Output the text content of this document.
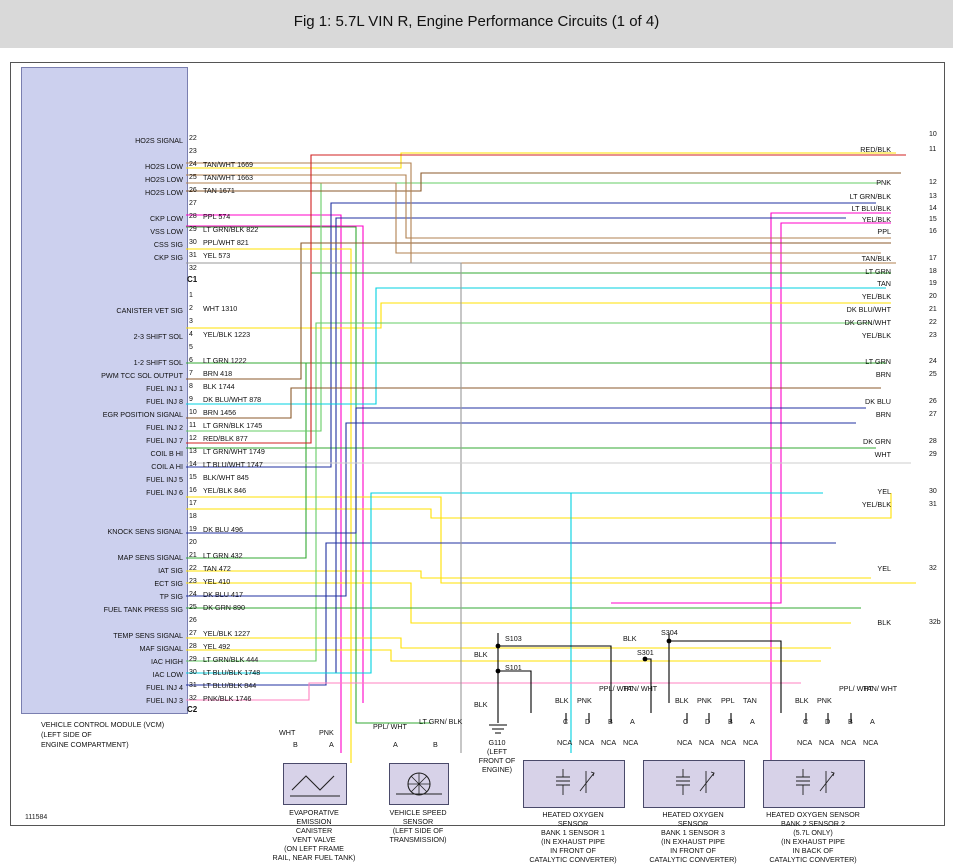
Fig 1: 5.7L VIN R, Engine Performance Circuits (1 of 4)
HO2S SIGNAL 22
23
HO2S LOW 24 TAN/WHT 1669
HO2S LOW 25 TAN/WHT 1663
HO2S LOW 26 TAN 1671
27
CKP LOW 28 PPL 574
VSS LOW 29 LT GRN/BLK 822
CSS SIG 30 PPL/WHT 821
CKP SIG 31 YEL 573
32
C1
1
CANISTER VET SIG 2 WHT 1310
3
2-3 SHIFT SOL 4 YEL/BLK 1223
5
1-2 SHIFT SOL 6 LT GRN 1222
PWM TCC SOL OUTPUT 7 BRN 418
FUEL INJ 1 8 BLK 1744
FUEL INJ 8 9 DK BLU/WHT 878
EGR POSITION SIGNAL 10 BRN 1456
FUEL INJ 2 11 LT GRN/BLK 1745
FUEL INJ 7 12 RED/BLK 877
COIL B HI 13 LT GRN/WHT 1749
COIL A HI 14 LT BLU/WHT 1747
FUEL INJ 5 15 BLK/WHT 845
FUEL INJ 6 16 YEL/BLK 846
17
18
KNOCK SENS SIGNAL 19 DK BLU 496
20
MAP SENS SIGNAL 21 LT GRN 432
IAT SIG 22 TAN 472
ECT SIG 23 YEL 410
TP SIG 24 DK BLU 417
FUEL TANK PRESS SIG 25 DK GRN 890
26
TEMP SENS SIGNAL 27 YEL/BLK 1227
MAF SIGNAL 28 YEL 492
IAC HIGH 29 LT GRN/BLK 444
IAC LOW 30 LT BLU/BLK 1748
FUEL INJ 4 31 LT BLU/BLK 844
FUEL INJ 3 32 PNK/BLK 1746
C2
VEHICLE CONTROL MODULE (VCM)
(LEFT SIDE OF
ENGINE COMPARTMENT)
10
RED/BLK	11
PNK	12
LT GRN/BLK	13
LT BLU/BLK	14
YEL/BLK	15
PPL	16
TAN/BLK	17
LT GRN	18
TAN	19
YEL/BLK	20
DK BLU/WHT	21
DK GRN/WHT	22
YEL/BLK	23
LT GRN	24
BRN	25
DK BLU	26
BRN	27
DK GRN	28
WHT	29
YEL	30
YEL/BLK	31
YEL	32
BLK	32b
S103
S101
S304
S301
BLK
BLK
BLK
G110
(LEFT
FRONT OF
ENGINE)
B	A
WHT	PNK
EVAPORATIVE
EMISSION
CANISTER
VENT VALVE
(ON LEFT FRAME
RAIL, NEAR FUEL TANK)
A	B
PPL/ WHT
LT GRN/ BLK
VEHICLE SPEED
SENSOR
(LEFT SIDE OF
TRANSMISSION)
C D B A
BLK PNK
PPL/ WHT
TAN/ WHT
NCA NCA NCA NCA
HEATED OXYGEN
SENSOR
BANK 1 SENSOR 1
(IN EXHAUST PIPE
IN FRONT OF
CATALYTIC CONVERTER)
C D B A
BLK PNK PPL TAN
NCA NCA NCA NCA
HEATED OXYGEN
SENSOR
BANK 1 SENSOR 3
(IN EXHAUST PIPE
IN FRONT OF
CATALYTIC CONVERTER)
C D B A
BLK PNK
PPL/ WHT
TAN/ WHT
NCA NCA NCA NCA
HEATED OXYGEN SENSOR
BANK 2 SENSOR 2
(5.7L ONLY)
(IN EXHAUST PIPE
IN BACK OF
CATALYTIC CONVERTER)
111584
